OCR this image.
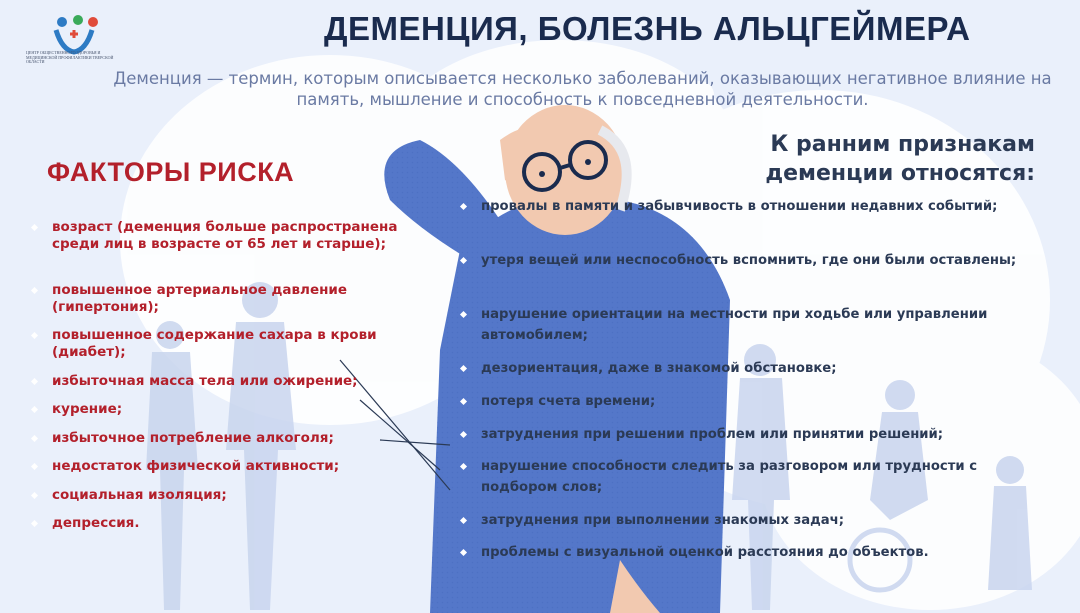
ЦЕНТР ОБЩЕСТВЕННОГО ЗДОРОВЬЯ И МЕДИЦИНСКОЙ ПРОФИЛАКТИКИ ТВЕРСКОЙ ОБЛАСТИ
ДЕМЕНЦИЯ, БОЛЕЗНЬ АЛЬЦГЕЙМЕРА

Деменция — термин, которым описывается несколько заболеваний, оказывающих негативное влияние на память, мышление и способность к повседневной деятельности.

ФАКТОРЫ РИСКА
К ранним признакам деменции относятся:
возраст (деменция больше распространена среди лиц в возрасте от 65 лет и старше);
повышенное артериальное давление (гипертония);
повышенное содержание сахара в крови (диабет);
избыточная масса тела или ожирение;
курение;
избыточное потребление алкоголя;
недостаток физической активности;
социальная изоляция;
депрессия.
провалы в памяти и забывчивость в отношении недавних событий;
утеря вещей или неспособность вспомнить, где они были оставлены;
нарушение ориентации на местности при ходьбе или управлении автомобилем;
дезориентация, даже в знакомой обстановке;
потеря счета времени;
затруднения при решении проблем или принятии решений;
нарушение способности следить за разговором или трудности с подбором слов;
затруднения при выполнении знакомых задач;
проблемы с визуальной оценкой расстояния до объектов.
